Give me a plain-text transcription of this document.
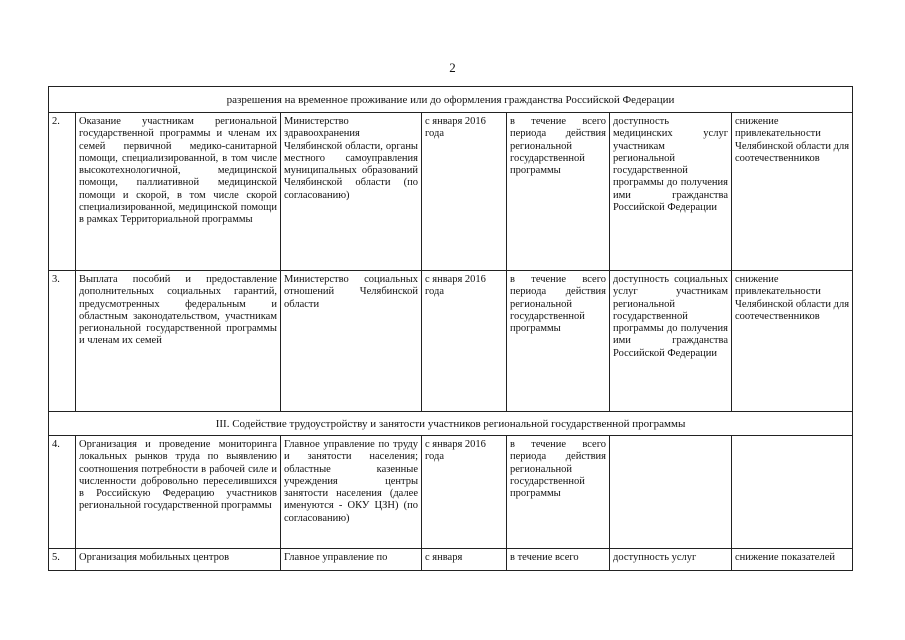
2
разрешения на временное проживание или до оформления гражданства Российской Федерации						
2.	Оказание участникам региональной государственной программы и членам их семей первичной медико-санитарной помощи, специализированной, в том числе высокотехнологичной, медицинской помощи, паллиативной медицинской помощи и скорой, в том числе скорой специализированной, медицинской помощи в рамках Территориальной программы	Министерство здравоохранения Челябинской области, органы местного самоуправления муниципальных образований Челябинской области (по согласованию)	с января 2016 года	в течение всего периода действия региональной государственной программы	доступность медицинских услуг участникам региональной государственной программы до получения ими гражданства Российской Федерации	снижение привлекательности Челябинской области для соотечественников
3.	Выплата пособий и предоставление дополнительных социальных гарантий, предусмотренных федеральным и областным законодательством, участникам региональной государственной программы и членам их семей	Министерство социальных отношений Челябинской области	с января 2016 года	в течение всего периода действия региональной государственной программы	доступность социальных услуг участникам региональной государственной программы до получения ими гражданства Российской Федерации	снижение привлекательности Челябинской области для соотечественников
III. Содействие трудоустройству и занятости участников региональной государственной программы						
4.	Организация и проведение мониторинга локальных рынков труда по выявлению соотношения потребности в рабочей силе и численности добровольно переселившихся в Российскую Федерацию участников региональной государственной программы	Главное управление по труду и занятости населения; областные казенные учреждения центры занятости населения (далее именуются - ОКУ ЦЗН) (по согласованию)	с января 2016 года	в течение всего периода действия региональной государственной программы		
5.	Организация мобильных центров	Главное управление по	с января	в течение всего	доступность услуг	снижение показателей
